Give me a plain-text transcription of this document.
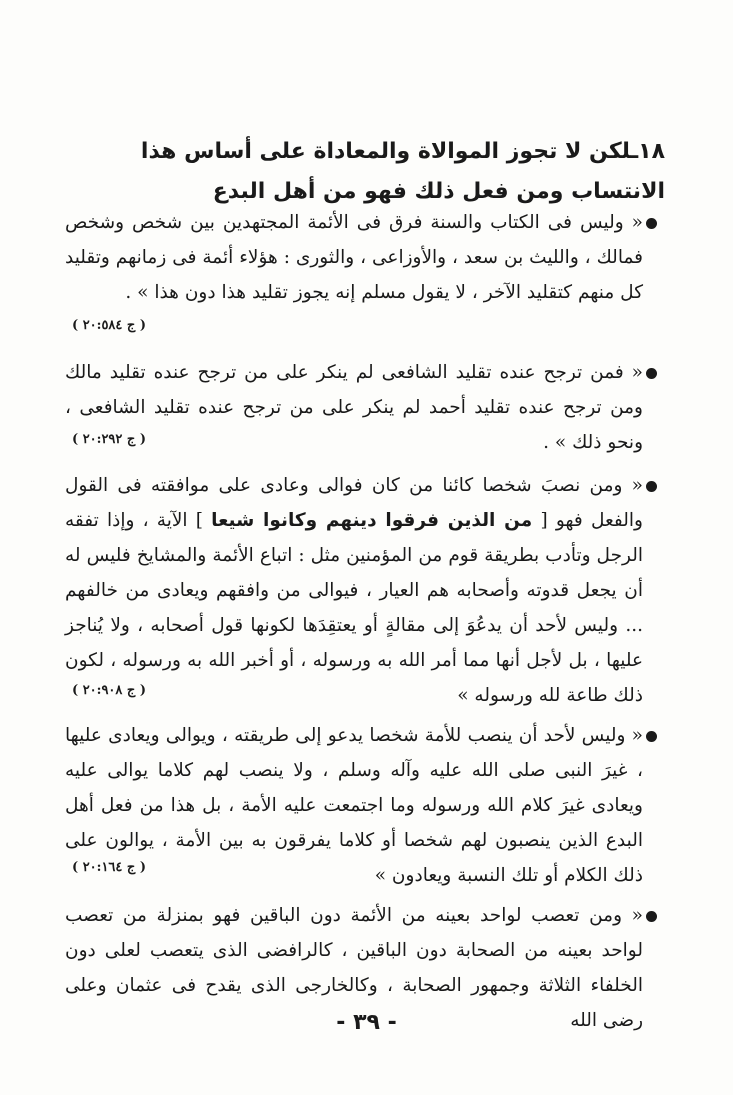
١٨ـلكن لا تجوز الموالاة والمعاداة على أساس هذا الانتساب ومن فعل ذلك فهو من أهل البدع
« وليس فى الكتاب والسنة فرق فى الأئمة المجتهدين بين شخص وشخص فمالك ، والليث بن سعد ، والأوزاعى ، والثورى : هؤلاء أئمة فى زمانهم وتقليد كل منهم كتقليد الآخر ، لا يقول مسلم إنه يجوز تقليد هذا دون هذا » .
( ج ٢٠:٥٨٤ )
« فمن ترجح عنده تقليد الشافعى لم ينكر على من ترجح عنده تقليد مالك ومن ترجح عنده تقليد أحمد لم ينكر على من ترجح عنده تقليد الشافعى ، ونحو ذلك » .
( ج ٢٠:٢٩٢ )
« ومن نصبَ شخصا كائنا من كان فوالى وعادى على موافقته فى القول والفعل فهو [ من الذين فرقوا دينهم وكانوا شيعا ] الآية ، وإذا تفقه الرجل وتأدب بطريقة قوم من المؤمنين مثل : اتباع الأئمة والمشايخ فليس له أن يجعل قدوته وأصحابه هم العيار ، فيوالى من وافقهم ويعادى من خالفهم ... وليس لأحد أن يدعُوَ إلى مقالةٍ أو يعتقِدَها لكونها قول أصحابه ، ولا يُناجز عليها ، بل لأجل أنها مما أمر الله به ورسوله ، أو أخبر الله به ورسوله ، لكون ذلك طاعة لله ورسوله »
( ج ٢٠:٩٠٨ )
« وليس لأحد أن ينصب للأمة شخصا يدعو إلى طريقته ، ويوالى ويعادى عليها ، غيرَ النبى صلى الله عليه وآله وسلم ، ولا ينصب لهم كلاما يوالى عليه ويعادى غيرَ كلام الله ورسوله وما اجتمعت عليه الأمة ، بل هذا من فعل أهل البدع الذين ينصبون لهم شخصا أو كلاما يفرقون به بين الأمة ، يوالون على ذلك الكلام أو تلك النسبة ويعادون »
( ج ٢٠:١٦٤ )
« ومن تعصب لواحد بعينه من الأئمة دون الباقين فهو بمنزلة من تعصب لواحد بعينه من الصحابة دون الباقين ، كالرافضى الذى يتعصب لعلى دون الخلفاء الثلاثة وجمهور الصحابة ، وكالخارجى الذى يقدح فى عثمان وعلى رضى الله
- ٣٩ -
